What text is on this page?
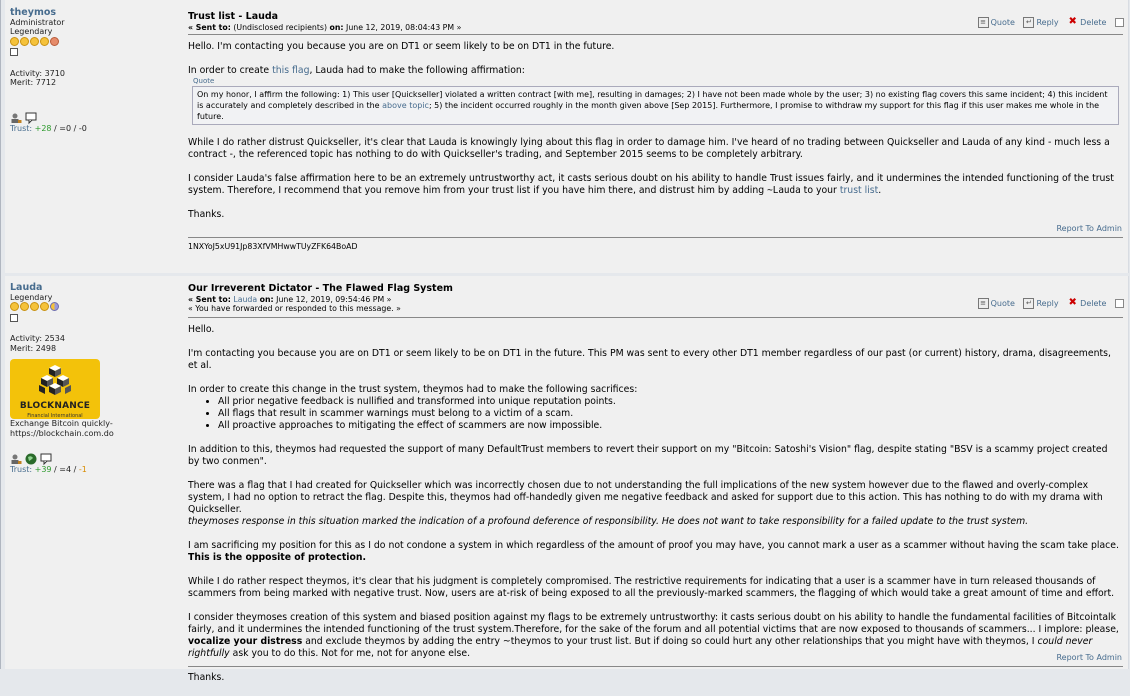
theymos
Administrator
Legendary

Activity: 3710
Merit: 7712

Trust: +28 / =0 / -0
Trust list - Lauda
« Sent to: (Undisclosed recipients) on: June 12, 2019, 08:04:43 PM »
≡ Quote ↵ Reply ✖ Delete

Hello. I'm contacting you because you are on DT1 or seem likely to be on DT1 in the future.

In order to create this flag, Lauda had to make the following affirmation:
Quote
On my honor, I affirm the following: 1) This user [Quickseller] violated a written contract [with me], resulting in damages; 2) I have not been made whole by the user; 3) no existing flag covers this same incident; 4) this incident is accurately and completely described in the above topic; 5) the incident occurred roughly in the month given above [Sep 2015]. Furthermore, I promise to withdraw my support for this flag if this user makes me whole in the future.

While I do rather distrust Quickseller, it's clear that Lauda is knowingly lying about this flag in order to damage him. I've heard of no trading between Quickseller and Lauda of any kind - much less a contract -, the referenced topic has nothing to do with Quickseller's trading, and September 2015 seems to be completely arbitrary.

I consider Lauda's false affirmation here to be an extremely untrustworthy act, it casts serious doubt on his ability to handle Trust issues fairly, and it undermines the intended functioning of the trust system. Therefore, I recommend that you remove him from your trust list if you have him there, and distrust him by adding ~Lauda to your trust list.

Thanks.

Report To Admin
1NXYoJ5xU91Jp83XfVMHwwTUyZFK64BoAD
Lauda
Legendary

Activity: 2534
Merit: 2498
BLOCKNANCE
Financial International
Exchange Bitcoin quickly-
https://blockchain.com.do

Trust: +39 / =4 / -1
Our Irreverent Dictator - The Flawed Flag System
« Sent to: Lauda on: June 12, 2019, 09:54:46 PM »
« You have forwarded or responded to this message. »
≡ Quote ↵ Reply ✖ Delete

Hello.

I'm contacting you because you are on DT1 or seem likely to be on DT1 in the future. This PM was sent to every other DT1 member regardless of our past (or current) history, drama, disagreements, et al.

In order to create this change in the trust system, theymos had to make the following sacrifices:
• All prior negative feedback is nullified and transformed into unique reputation points.
• All flags that result in scammer warnings must belong to a victim of a scam.
• All proactive approaches to mitigating the effect of scammers are now impossible.

In addition to this, theymos had requested the support of many DefaultTrust members to revert their support on my "Bitcoin: Satoshi's Vision" flag, despite stating "BSV is a scammy project created by two conmen".

There was a flag that I had created for Quickseller which was incorrectly chosen due to not understanding the full implications of the new system however due to the flawed and overly-complex system, I had no option to retract the flag. Despite this, theymos had off-handedly given me negative feedback and asked for support due to this action. This has nothing to do with my drama with Quickseller.
theymoses response in this situation marked the indication of a profound deference of responsibility. He does not want to take responsibility for a failed update to the trust system.

I am sacrificing my position for this as I do not condone a system in which regardless of the amount of proof you may have, you cannot mark a user as a scammer without having the scam take place. This is the opposite of protection.

While I do rather respect theymos, it's clear that his judgment is completely compromised. The restrictive requirements for indicating that a user is a scammer have in turn released thousands of scammers from being marked with negative trust. Now, users are at-risk of being exposed to all the previously-marked scammers, the flagging of which would take a great amount of time and effort.

I consider theymoses creation of this system and biased position against my flags to be extremely untrustworthy: it casts serious doubt on his ability to handle the fundamental facilities of Bitcointalk fairly, and it undermines the intended functioning of the trust system.Therefore, for the sake of the forum and all potential victims that are now exposed to thousands of scammers... I implore: please, vocalize your distress and exclude theymos by adding the entry ~theymos to your trust list. But if doing so could hurt any other relationships that you might have with theymos, I could never rightfully ask you to do this. Not for me, not for anyone else.

Thanks.

Report To Admin
